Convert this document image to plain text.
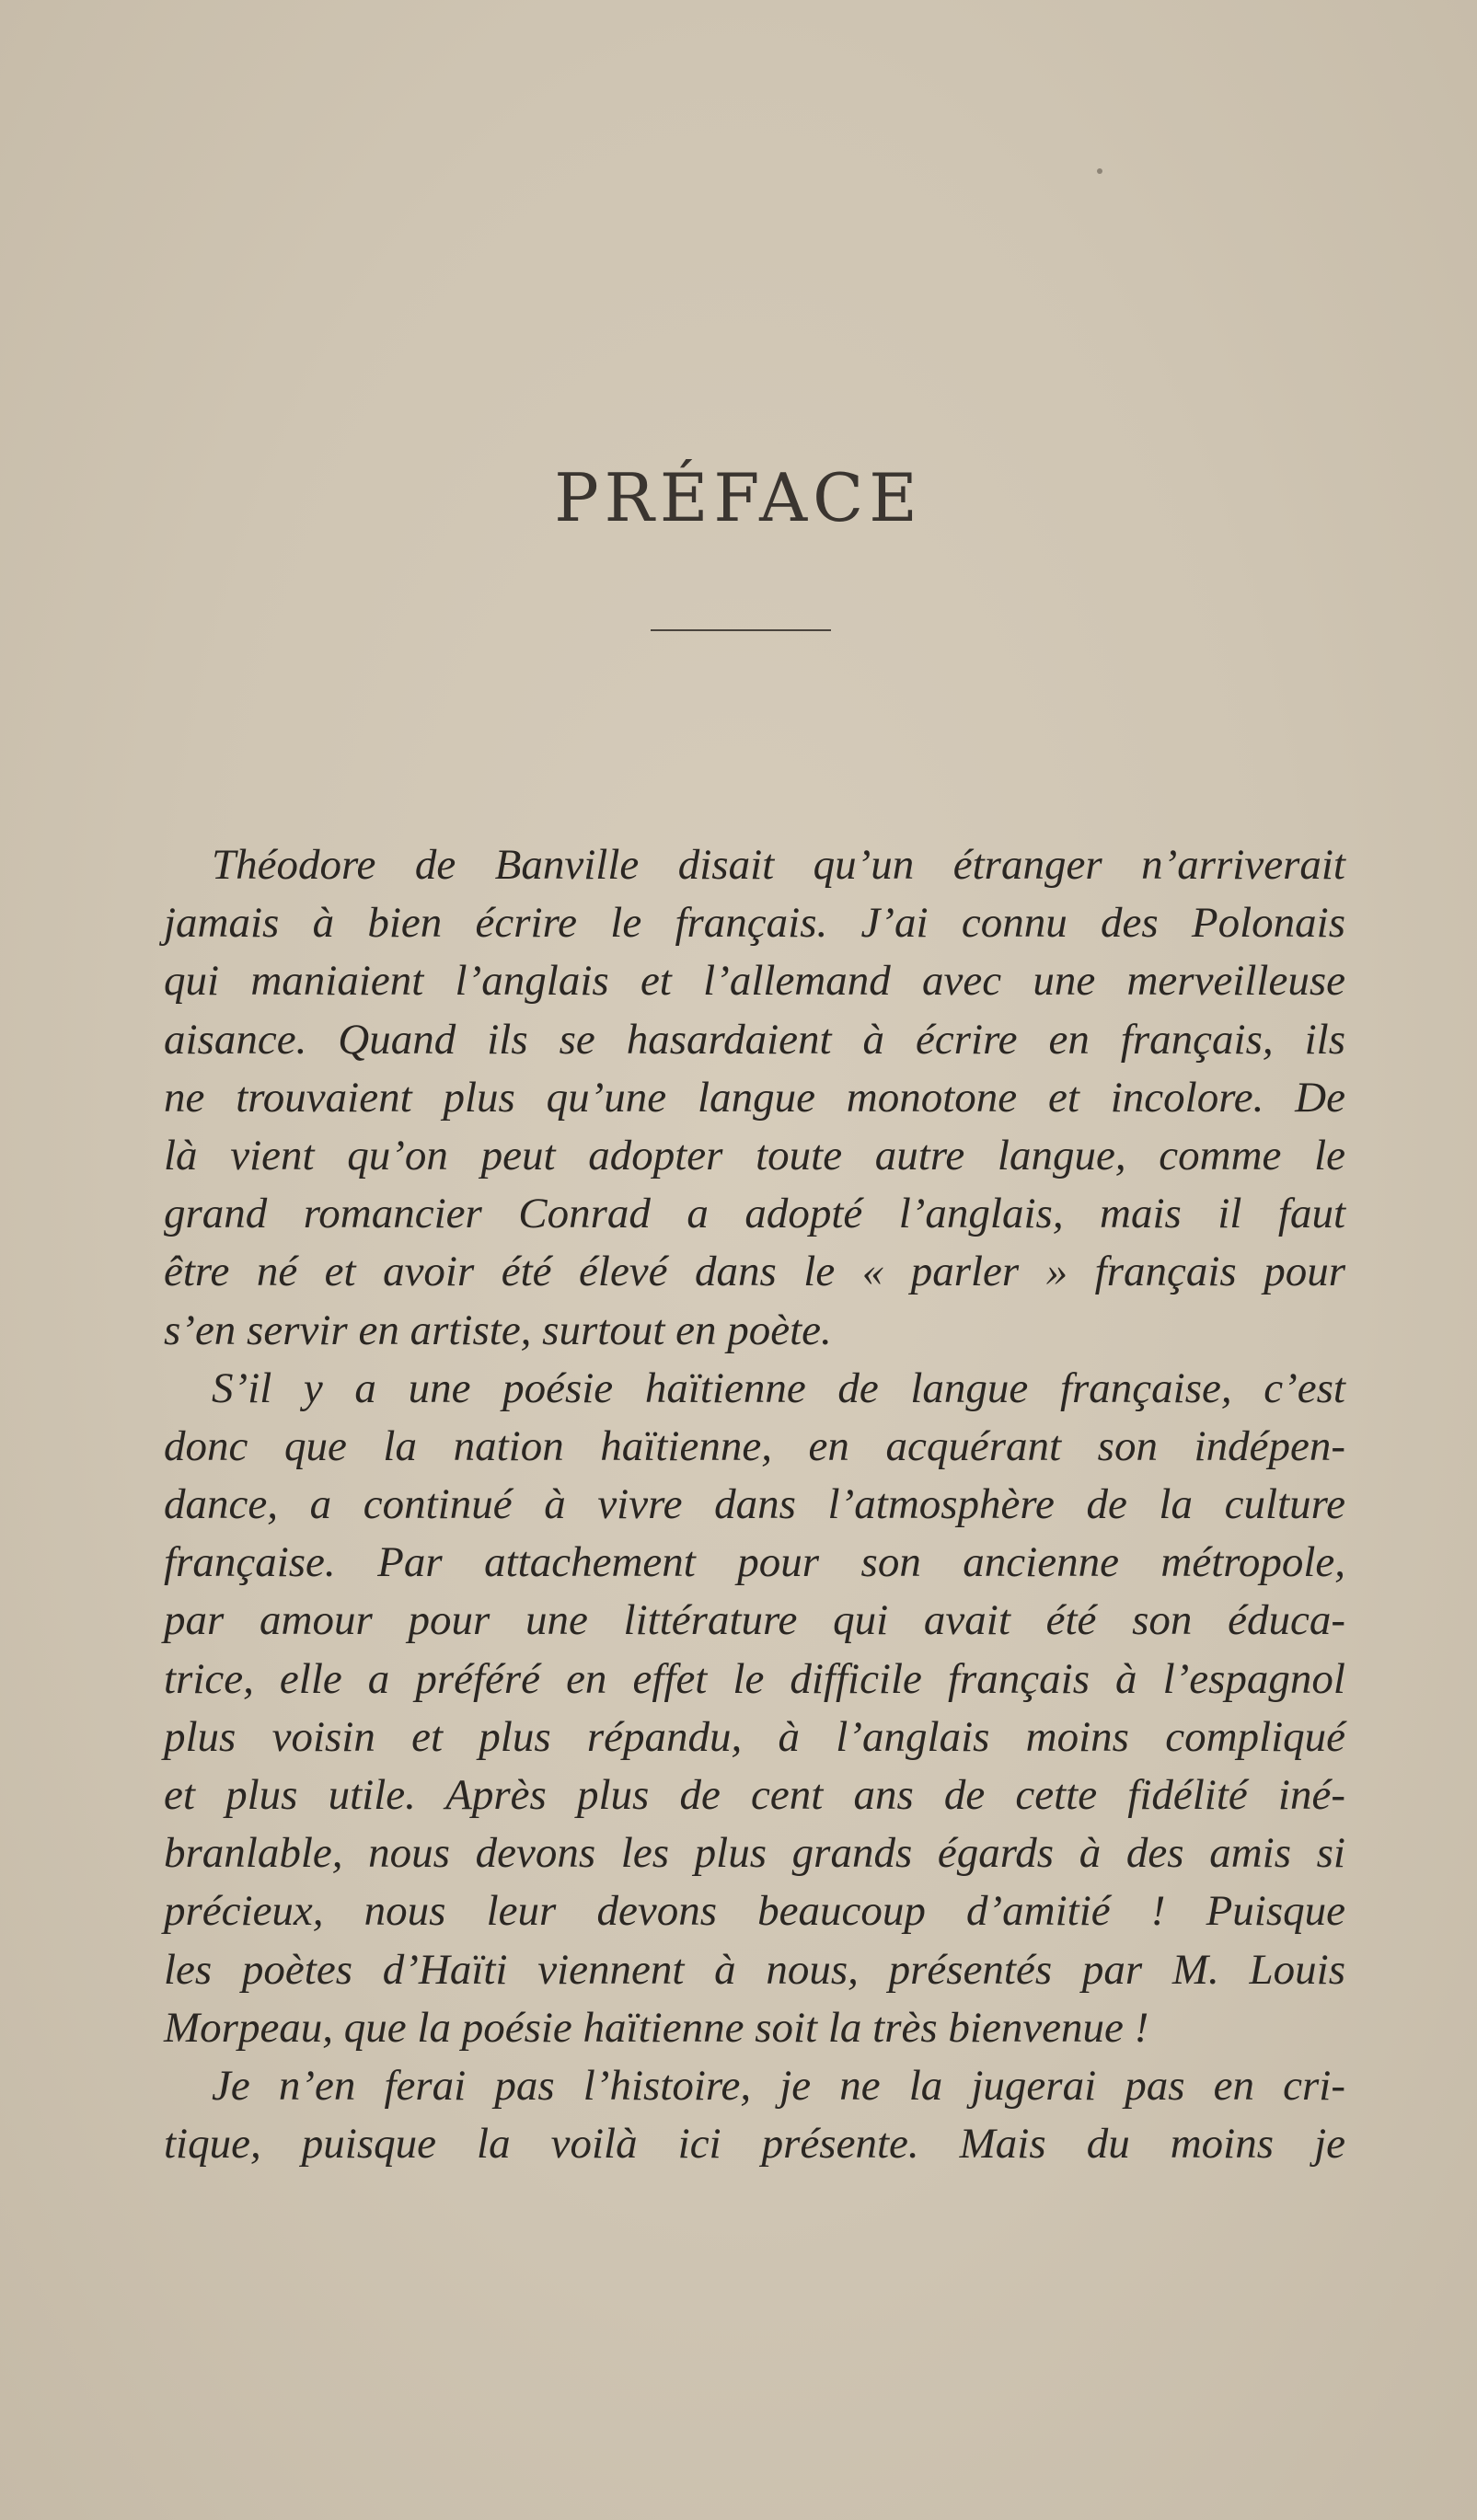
PRÉFACE
Théodore de Banville disait qu’un étranger n’arriverait
jamais à bien écrire le français. J’ai connu des Polonais
qui maniaient l’anglais et l’allemand avec une merveilleuse
aisance. Quand ils se hasardaient à écrire en français, ils
ne trouvaient plus qu’une langue monotone et incolore. De
là vient qu’on peut adopter toute autre langue, comme le
grand romancier Conrad a adopté l’anglais, mais il faut
être né et avoir été élevé dans le « parler » français pour
s’en servir en artiste, surtout en poète.
S’il y a une poésie haïtienne de langue française, c’est
donc que la nation haïtienne, en acquérant son indépen-
dance, a continué à vivre dans l’atmosphère de la culture
française. Par attachement pour son ancienne métropole,
par amour pour une littérature qui avait été son éduca-
trice, elle a préféré en effet le difficile français à l’espagnol
plus voisin et plus répandu, à l’anglais moins compliqué
et plus utile. Après plus de cent ans de cette fidélité iné-
branlable, nous devons les plus grands égards à des amis si
précieux, nous leur devons beaucoup d’amitié ! Puisque
les poètes d’Haïti viennent à nous, présentés par M. Louis
Morpeau, que la poésie haïtienne soit la très bienvenue !
Je n’en ferai pas l’histoire, je ne la jugerai pas en cri-
tique, puisque la voilà ici présente. Mais du moins je
